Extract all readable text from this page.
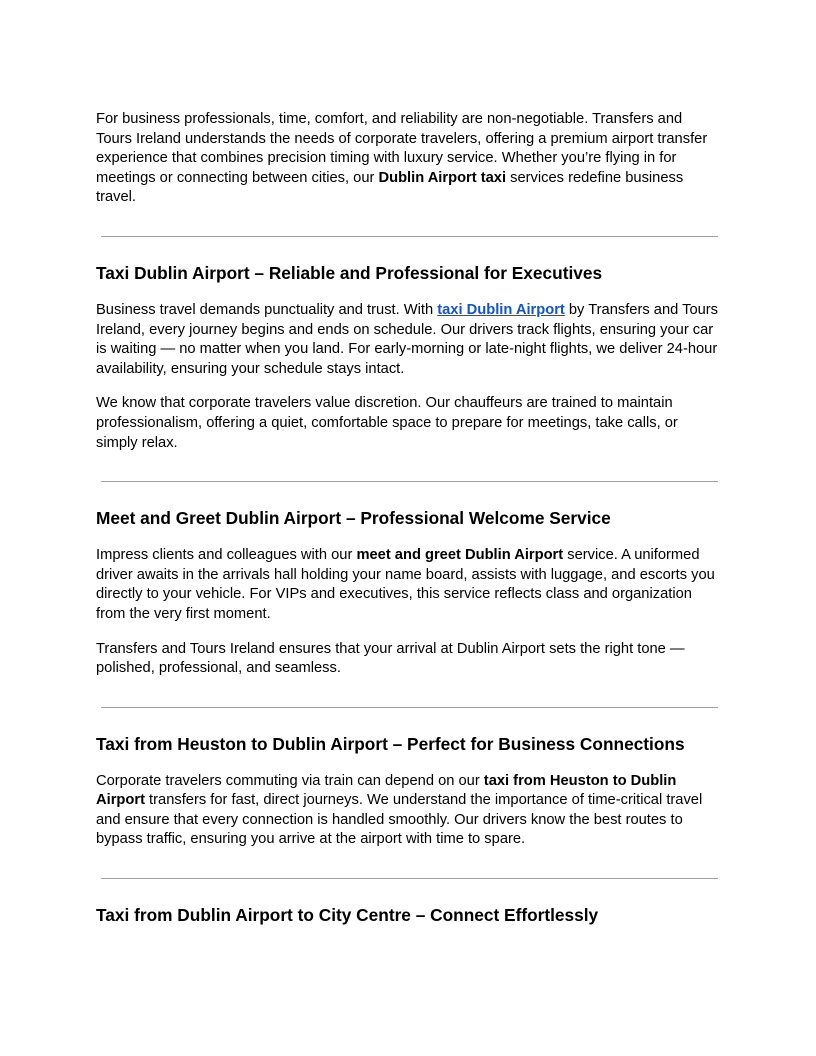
For business professionals, time, comfort, and reliability are non-negotiable. Transfers and Tours Ireland understands the needs of corporate travelers, offering a premium airport transfer experience that combines precision timing with luxury service. Whether you’re flying in for meetings or connecting between cities, our Dublin Airport taxi services redefine business travel.

Taxi Dublin Airport – Reliable and Professional for Executives

Business travel demands punctuality and trust. With taxi Dublin Airport by Transfers and Tours Ireland, every journey begins and ends on schedule. Our drivers track flights, ensuring your car is waiting — no matter when you land. For early-morning or late-night flights, we deliver 24-hour availability, ensuring your schedule stays intact.

We know that corporate travelers value discretion. Our chauffeurs are trained to maintain professionalism, offering a quiet, comfortable space to prepare for meetings, take calls, or simply relax.

Meet and Greet Dublin Airport – Professional Welcome Service

Impress clients and colleagues with our meet and greet Dublin Airport service. A uniformed driver awaits in the arrivals hall holding your name board, assists with luggage, and escorts you directly to your vehicle. For VIPs and executives, this service reflects class and organization from the very first moment.

Transfers and Tours Ireland ensures that your arrival at Dublin Airport sets the right tone — polished, professional, and seamless.

Taxi from Heuston to Dublin Airport – Perfect for Business Connections

Corporate travelers commuting via train can depend on our taxi from Heuston to Dublin Airport transfers for fast, direct journeys. We understand the importance of time-critical travel and ensure that every connection is handled smoothly. Our drivers know the best routes to bypass traffic, ensuring you arrive at the airport with time to spare.

Taxi from Dublin Airport to City Centre – Connect Effortlessly
